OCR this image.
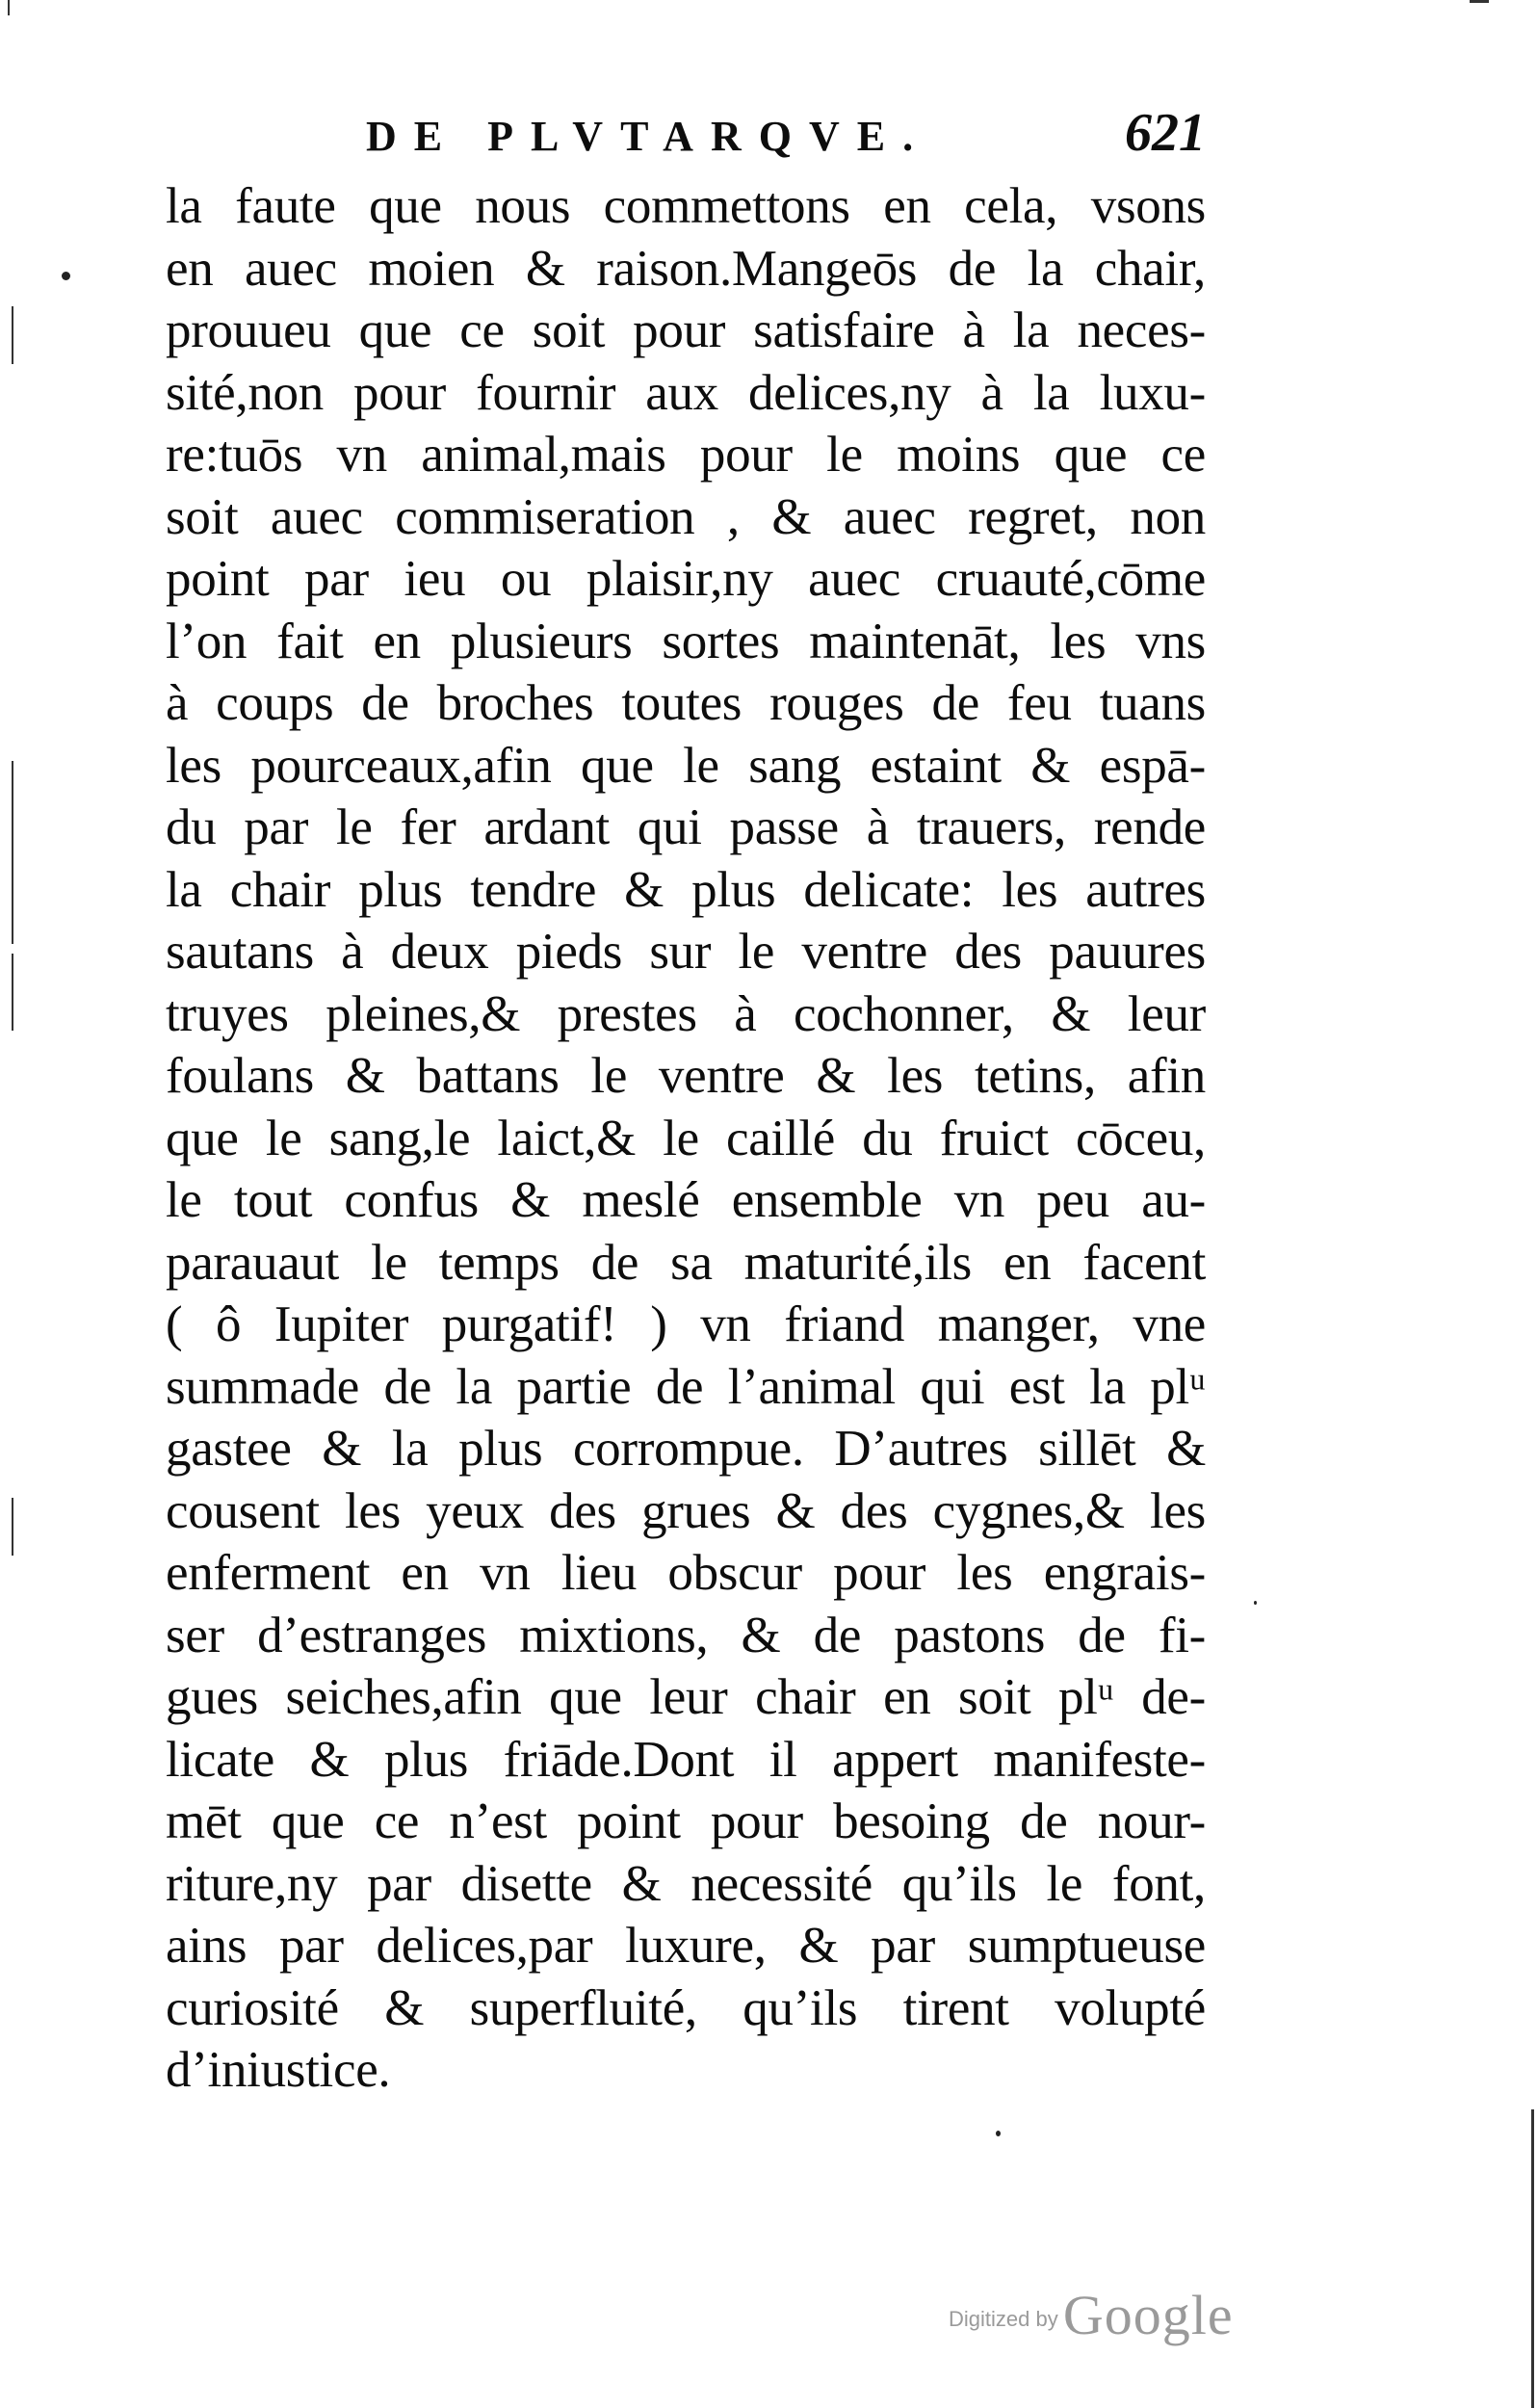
DE PLVTARQVE.	621
la faute que nous commettons en cela, vsons
en auec moien & raison.Mangeōs de la chair,
prouueu que ce soit pour satisfaire à la neces-
sité,non pour fournir aux delices,ny à la luxu-
re:tuōs vn animal,mais pour le moins que ce
soit auec commiseration , & auec regret, non
point par ieu ou plaisir,ny auec cruauté,cōme
l’on fait en plusieurs sortes maintenāt, les vns
à coups de broches toutes rouges de feu tuans
les pourceaux,afin que le sang estaint & espā-
du par le fer ardant qui passe à trauers, rende
la chair plus tendre & plus delicate: les autres
sautans à deux pieds sur le ventre des pauures
truyes pleines,& prestes à cochonner, & leur
foulans & battans le ventre & les tetins, afin
que le sang,le laict,& le caillé du fruict cōceu,
le tout confus & meslé ensemble vn peu au-
parauaut le temps de sa maturité,ils en facent
( ô Iupiter purgatif! ) vn friand manger, vne
summade de la partie de l’animal qui est la plᵘ
gastee & la plus corrompue. D’autres sillēt &
cousent les yeux des grues & des cygnes,& les
enferment en vn lieu obscur pour les engrais-
ser d’estranges mixtions, & de pastons de fi-
gues seiches,afin que leur chair en soit plᵘ de-
licate & plus friāde.Dont il appert manifeste-
mēt que ce n’est point pour besoing de nour-
riture,ny par disette & necessité qu’ils le font,
ains par delices,par luxure, & par sumptueuse
curiosité & superfluité, qu’ils tirent volupté
d’iniustice.
Digitized by Google
